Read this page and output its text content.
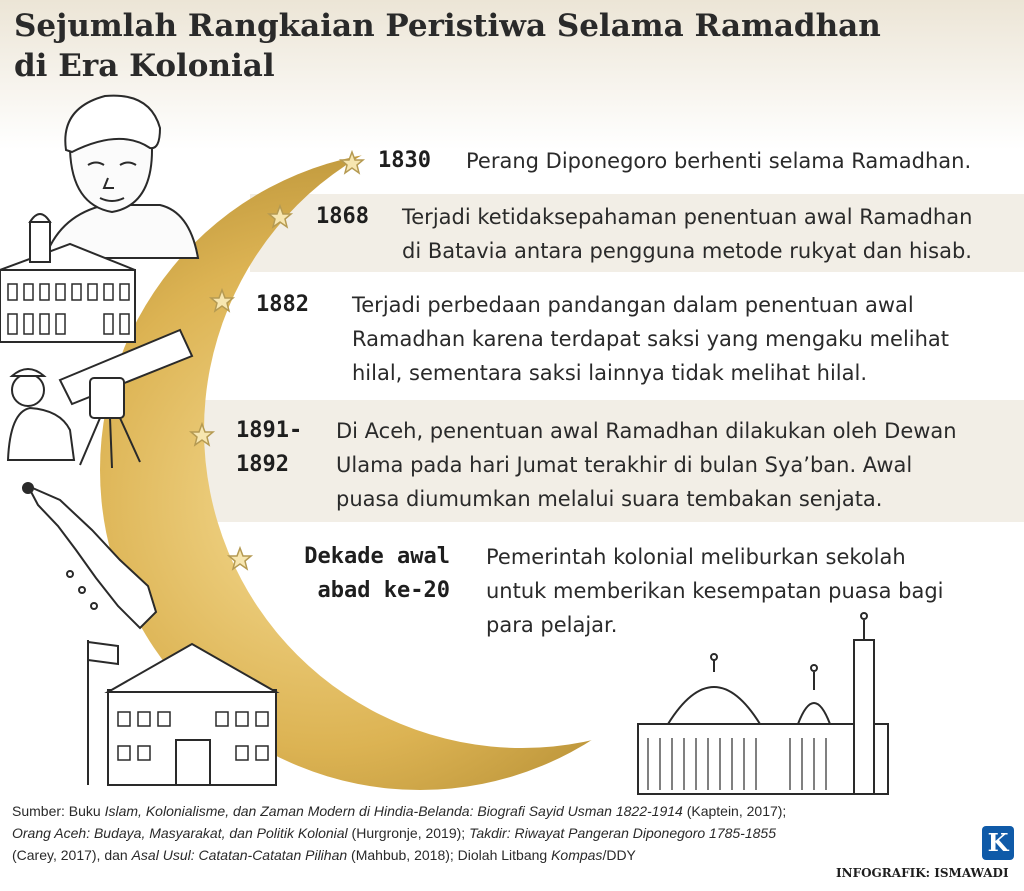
Sejumlah Rangkaian Peristiwa Selama Ramadhan
di Era Kolonial
1830 Perang Diponegoro berhenti selama Ramadhan.
1868 Terjadi ketidaksepahaman penentuan awal Ramadhan
di Batavia antara pengguna metode rukyat dan hisab.
1882 Terjadi perbedaan pandangan dalam penentuan awal
Ramadhan karena terdapat saksi yang mengaku melihat
hilal, sementara saksi lainnya tidak melihat hilal.
1891-
1892
Di Aceh, penentuan awal Ramadhan dilakukan oleh Dewan
Ulama pada hari Jumat terakhir di bulan Sya’ban. Awal
puasa diumumkan melalui suara tembakan senjata.
Dekade awal
abad ke-20
Pemerintah kolonial meliburkan sekolah
untuk memberikan kesempatan puasa bagi
para pelajar.
Sumber: Buku Islam, Kolonialisme, dan Zaman Modern di Hindia-Belanda: Biografi Sayid Usman 1822-1914 (Kaptein, 2017);
Orang Aceh: Budaya, Masyarakat, dan Politik Kolonial (Hurgronje, 2019); Takdir: Riwayat Pangeran Diponegoro 1785-1855
(Carey, 2017), dan Asal Usul: Catatan-Catatan Pilihan (Mahbub, 2018); Diolah Litbang Kompas/DDY	K
INFOGRAFIK: ISMAWADI
